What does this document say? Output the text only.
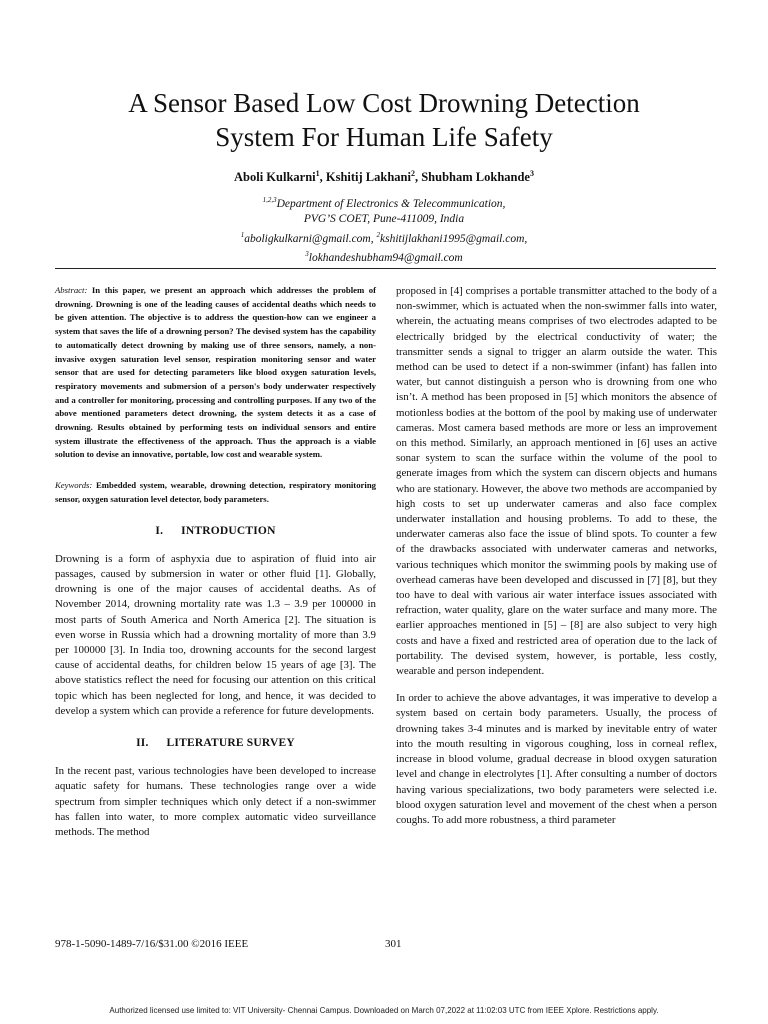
A Sensor Based Low Cost Drowning Detection
System For Human Life Safety
Aboli Kulkarni$^1$, Kshitij Lakhani$^2$, Shubham Lokhande$^3$
$^{1,2,3}$Department of Electronics & Telecommunication,
PVG’S COET, Pune-411009, India
$^1$aboligkulkarni@gmail.com, $^2$kshitijlakhani1995@gmail.com,
$^3$lokhandeshubham94@gmail.com

Abstract: In this paper, we present an approach which addresses the problem of drowning. Drowning is one of the leading causes of accidental deaths which needs to be given attention. The objective is to address the question-how can we engineer a system that saves the life of a drowning person? The devised system has the capability to automatically detect drowning by making use of three sensors, namely, a non-invasive oxygen saturation level sensor, respiration monitoring sensor and water sensor that are used for detecting parameters like blood oxygen saturation levels, respiratory movements and submersion of a person's body underwater respectively and a controller for monitoring, processing and controlling purposes. If any two of the above mentioned parameters detect drowning, the system detects it as a case of drowning. Results obtained by performing tests on individual sensors and entire system illustrate the effectiveness of the approach. Thus the approach is a viable solution to devise an innovative, portable, low cost and wearable system.

Keywords: Embedded system, wearable, drowning detection, respiratory monitoring sensor, oxygen saturation level detector, body parameters.

I. INTRODUCTION

Drowning is a form of asphyxia due to aspiration of fluid into air passages, caused by submersion in water or other fluid [1]. Globally, drowning is one of the major causes of accidental deaths. As of November 2014, drowning mortality rate was 1.3 – 3.9 per 100000 in most parts of South America and North America [2]. The situation is even worse in Russia which had a drowning mortality of more than 3.9 per 100000 [3]. In India too, drowning accounts for the second largest cause of accidental deaths, for children below 15 years of age [3]. The above statistics reflect the need for focusing our attention on this critical topic which has been neglected for long, and hence, it was decided to develop a system which can provide a reference for future developments.

II. LITERATURE SURVEY

In the recent past, various technologies have been developed to increase aquatic safety for humans. These technologies range over a wide spectrum from simpler techniques which only detect if a non-swimmer has fallen into water, to more complex automatic video surveillance methods. The method

proposed in [4] comprises a portable transmitter attached to the body of a non-swimmer, which is actuated when the non-swimmer falls into water, wherein, the actuating means comprises of two electrodes adapted to be electrically bridged by the electrical conductivity of water; the transmitter sends a signal to trigger an alarm outside the water. This method can be used to detect if a non-swimmer (infant) has fallen into water, but cannot distinguish a person who is drowning from one who isn’t. A method has been proposed in [5] which monitors the absence of motionless bodies at the bottom of the pool by making use of underwater cameras. Most camera based methods are more or less an improvement on this method. Similarly, an approach mentioned in [6] uses an active sonar system to scan the surface within the volume of the pool to generate images from which the system can discern objects and humans who are stationary. However, the above two methods are accompanied by high costs to set up underwater cameras and also face complex underwater installation and housing problems. To add to these, the underwater cameras also face the issue of blind spots. To counter a few of the drawbacks associated with underwater cameras and networks, various techniques which monitor the swimming pools by making use of overhead cameras have been developed and discussed in [7] [8], but they too have to deal with various air water interface issues associated with refraction, water quality, glare on the water surface and many more. The earlier approaches mentioned in [5] – [8] are also subject to very high costs and have a fixed and restricted area of operation due to the lack of portability. The devised system, however, is portable, less costly, wearable and person independent.

In order to achieve the above advantages, it was imperative to develop a system based on certain body parameters. Usually, the process of drowning takes 3-4 minutes and is marked by inevitable entry of water into the mouth resulting in vigorous coughing, loss in corneal reflex, increase in blood volume, gradual decrease in blood oxygen saturation level and change in electrolytes [1]. After consulting a number of doctors having various specializations, two body parameters were selected i.e. blood oxygen saturation level and movement of the chest when a person coughs. To add more robustness, a third parameter

978-1-5090-1489-7/16/$31.00 ©2016 IEEE	301
Authorized licensed use limited to: VIT University- Chennai Campus. Downloaded on March 07,2022 at 11:02:03 UTC from IEEE Xplore. Restrictions apply.
